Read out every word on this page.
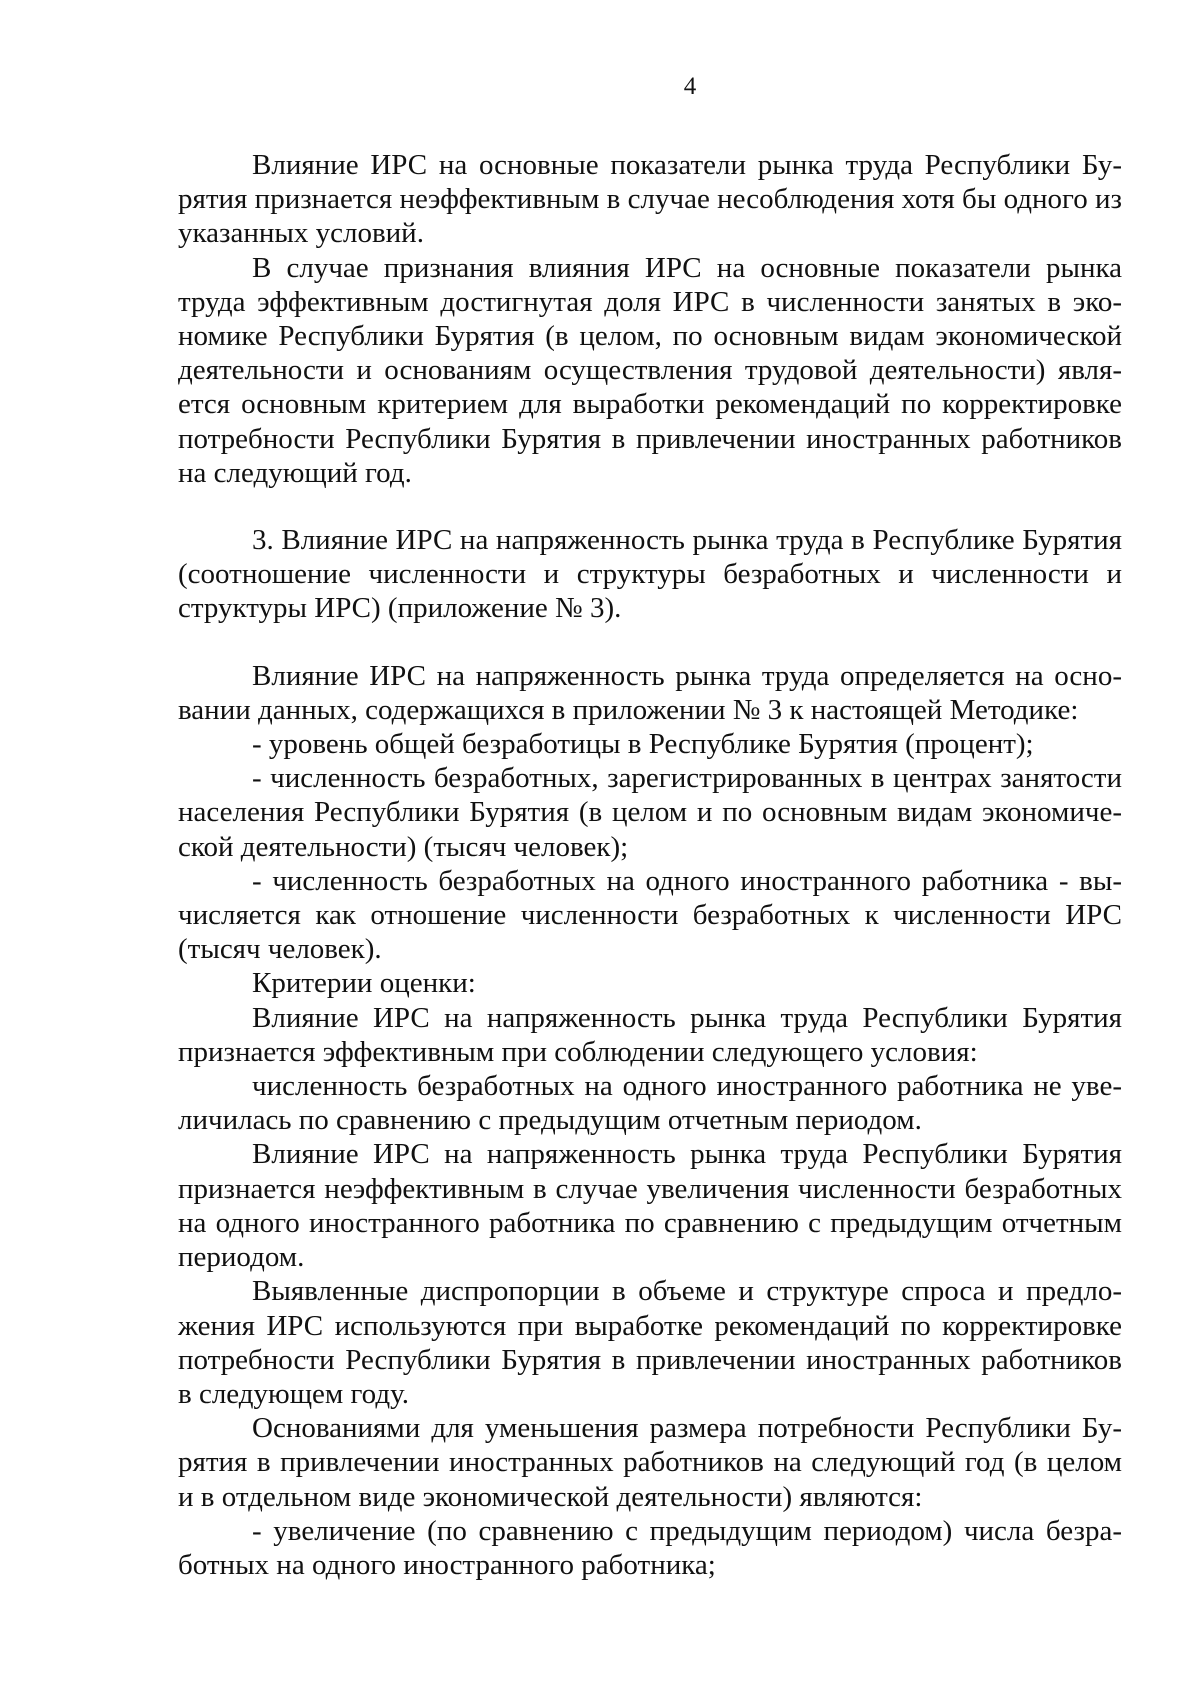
4

Влияние ИРС на основные показатели рынка труда Республики Бурятия признается неэффективным в случае несоблюдения хотя бы одного из указанных условий.

В случае признания влияния ИРС на основные показатели рынка труда эффективным достигнутая доля ИРС в численности занятых в экономике Республики Бурятия (в целом, по основным видам экономической деятельности и основаниям осуществления трудовой деятельности) является основным критерием для выработки рекомендаций по корректировке потребности Республики Бурятия в привлечении иностранных работников на следующий год.

3. Влияние ИРС на напряженность рынка труда в Республике Бурятия (соотношение численности и структуры безработных и численности и структуры ИРС) (приложение № 3).

Влияние ИРС на напряженность рынка труда определяется на основании данных, содержащихся в приложении № 3 к настоящей Методике:

- уровень общей безработицы в Республике Бурятия (процент);

- численность безработных, зарегистрированных в центрах занятости населения Республики Бурятия (в целом и по основным видам экономической деятельности) (тысяч человек);

- численность безработных на одного иностранного работника - вычисляется как отношение численности безработных к численности ИРС (тысяч человек).

Критерии оценки:

Влияние ИРС на напряженность рынка труда Республики Бурятия признается эффективным при соблюдении следующего условия:

численность безработных на одного иностранного работника не увеличилась по сравнению с предыдущим отчетным периодом.

Влияние ИРС на напряженность рынка труда Республики Бурятия признается неэффективным в случае увеличения численности безработных на одного иностранного работника по сравнению с предыдущим отчетным периодом.

Выявленные диспропорции в объеме и структуре спроса и предложения ИРС используются при выработке рекомендаций по корректировке потребности Республики Бурятия в привлечении иностранных работников в следующем году.

Основаниями для уменьшения размера потребности Республики Бурятия в привлечении иностранных работников на следующий год (в целом и в отдельном виде экономической деятельности) являются:

- увеличение (по сравнению с предыдущим периодом) числа безработных на одного иностранного работника;
